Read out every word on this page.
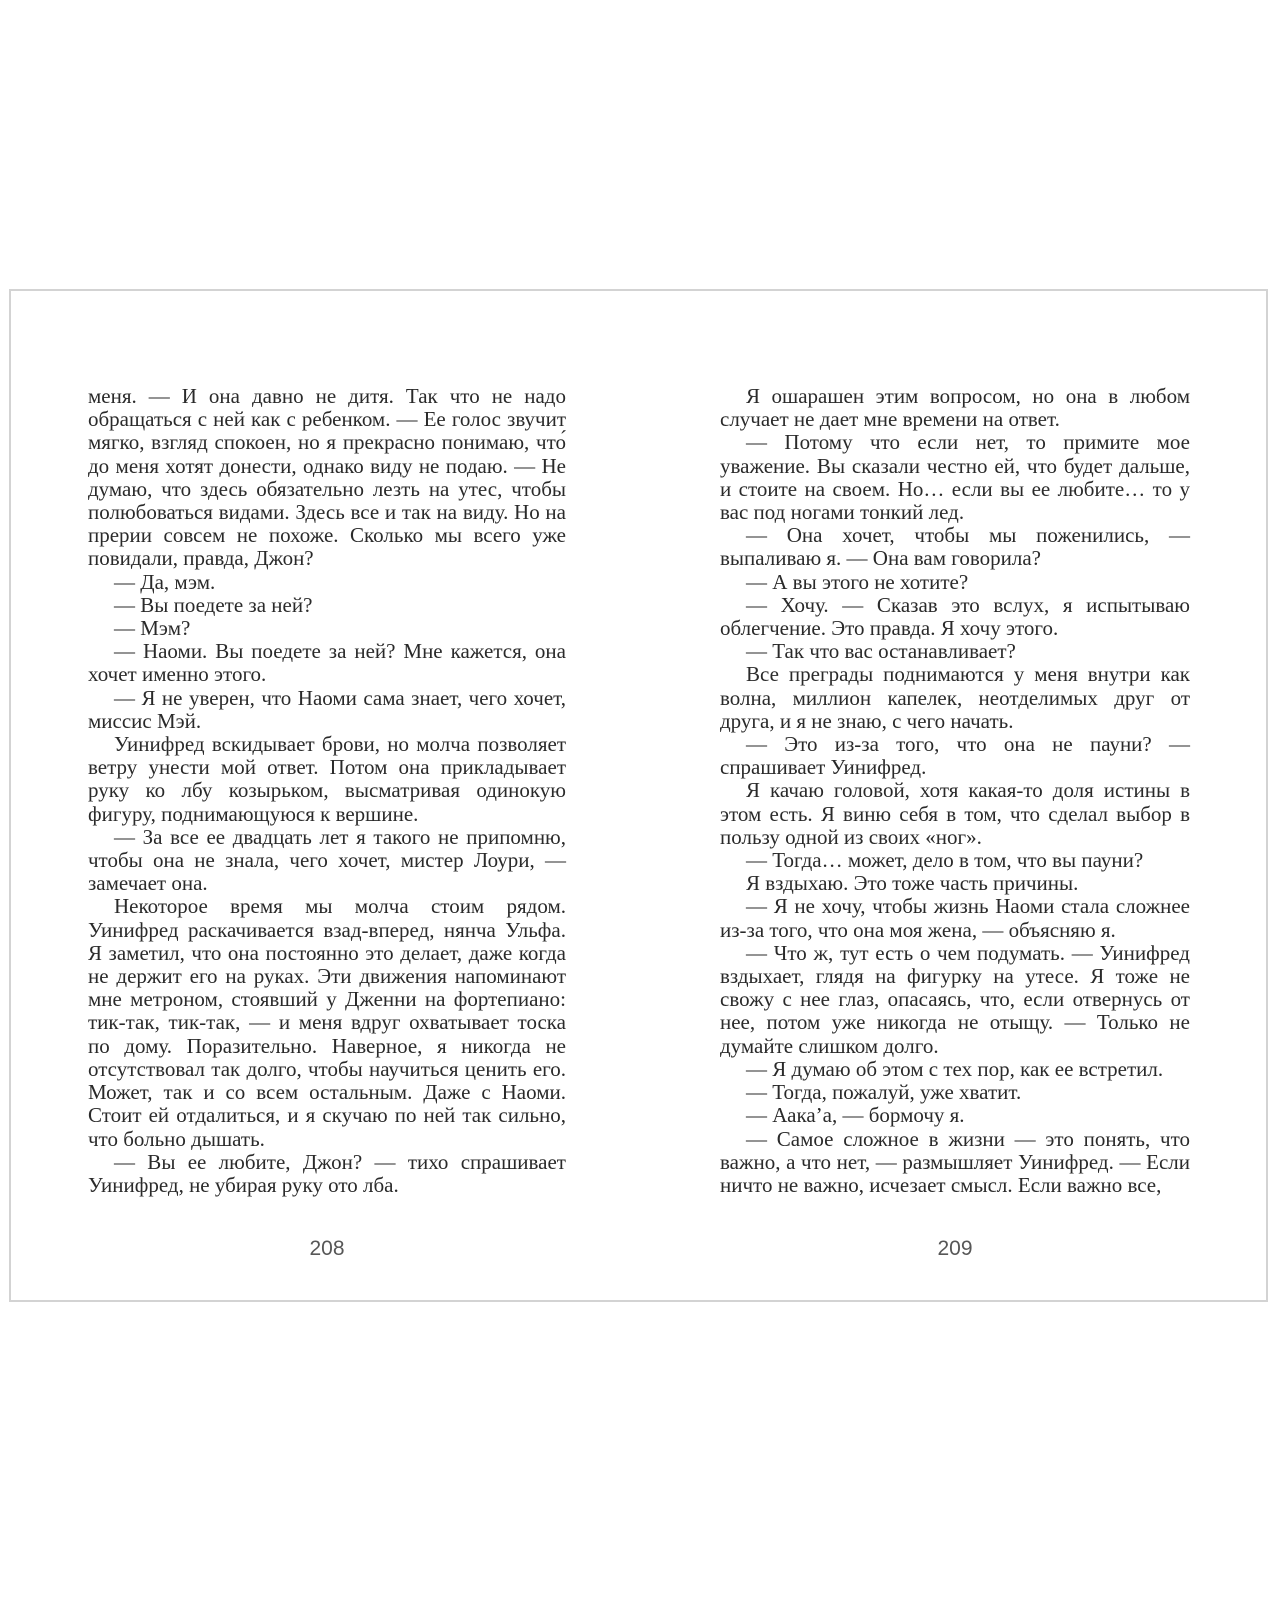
меня. — И она давно не дитя. Так что не надо обращаться с ней как с ребенком. — Ее голос звучит мягко, взгляд спокоен, но я прекрасно понимаю, что́ до меня хотят донести, однако виду не подаю. — Не думаю, что здесь обязательно лезть на утес, чтобы полюбоваться видами. Здесь все и так на виду. Но на прерии совсем не похоже. Сколько мы всего уже повидали, правда, Джон?

— Да, мэм.

— Вы поедете за ней?

— Мэм?

— Наоми. Вы поедете за ней? Мне кажется, она хочет именно этого.

— Я не уверен, что Наоми сама знает, чего хочет, миссис Мэй.

Уинифред вскидывает брови, но молча позволяет ветру унести мой ответ. Потом она прикладывает руку ко лбу козырьком, высматривая одинокую фигуру, поднимающуюся к вершине.

— За все ее двадцать лет я такого не припомню, чтобы она не знала, чего хочет, мистер Лоури, — замечает она.

Некоторое время мы молча стоим рядом. Уинифред раскачивается взад-вперед, нянча Ульфа. Я заметил, что она постоянно это делает, даже когда не держит его на руках. Эти движения напоминают мне метроном, стоявший у Дженни на фортепиано: тик-так, тик-так, — и меня вдруг охватывает тоска по дому. Поразительно. Наверное, я никогда не отсутствовал так долго, чтобы научиться ценить его. Может, так и со всем остальным. Даже с Наоми. Стоит ей отдалиться, и я скучаю по ней так сильно, что больно дышать.

— Вы ее любите, Джон? — тихо спрашивает Уинифред, не убирая руку ото лба.

208

Я ошарашен этим вопросом, но она в любом случает не дает мне времени на ответ.

— Потому что если нет, то примите мое уважение. Вы сказали честно ей, что будет дальше, и стоите на своем. Но… если вы ее любите… то у вас под ногами тонкий лед.

— Она хочет, чтобы мы поженились, — выпаливаю я. — Она вам говорила?

— А вы этого не хотите?

— Хочу. — Сказав это вслух, я испытываю облегчение. Это правда. Я хочу этого.

— Так что вас останавливает?

Все преграды поднимаются у меня внутри как волна, миллион капелек, неотделимых друг от друга, и я не знаю, с чего начать.

— Это из-за того, что она не пауни? — спрашивает Уинифред.

Я качаю головой, хотя какая-то доля истины в этом есть. Я виню себя в том, что сделал выбор в пользу одной из своих «ног».

— Тогда… может, дело в том, что вы пауни?

Я вздыхаю. Это тоже часть причины.

— Я не хочу, чтобы жизнь Наоми стала сложнее из-за того, что она моя жена, — объясняю я.

— Что ж, тут есть о чем подумать. — Уинифред вздыхает, глядя на фигурку на утесе. Я тоже не свожу с нее глаз, опасаясь, что, если отвернусь от нее, потом уже никогда не отыщу. — Только не думайте слишком долго.

— Я думаю об этом с тех пор, как ее встретил.

— Тогда, пожалуй, уже хватит.

— Аака’а, — бормочу я.

— Самое сложное в жизни — это понять, что важно, а что нет, — размышляет Уинифред. — Если ничто не важно, исчезает смысл. Если важно все,

209
